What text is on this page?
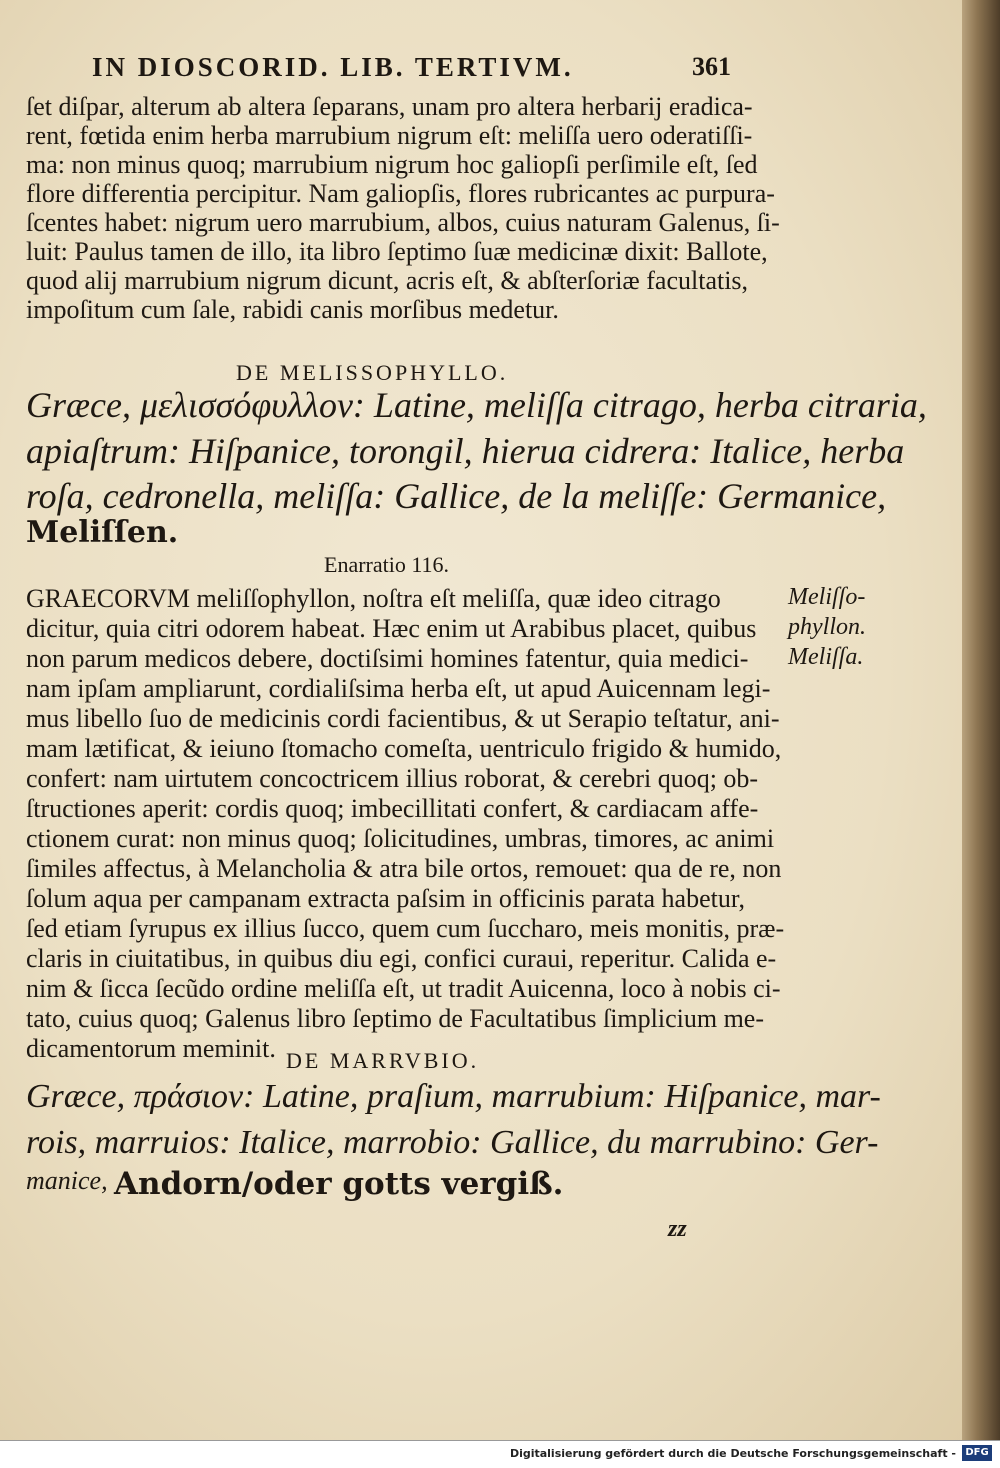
IN DIOSCORID. LIB. TERTIVM.	361
ſet diſpar, alterum ab altera ſeparans, unam pro altera herbarij eradica-
rent, fœtida enim herba marrubium nigrum eſt: meliſſa uero oderatiſſi-
ma: non minus quoq; marrubium nigrum hoc galiopſi perſimile eſt, ſed
flore differentia percipitur. Nam galiopſis, flores rubricantes ac purpura-
ſcentes habet: nigrum uero marrubium, albos, cuius naturam Galenus, ſi-
luit: Paulus tamen de illo, ita libro ſeptimo ſuæ medicinæ dixit: Ballote,
quod alij marrubium nigrum dicunt, acris eſt, & abſterſoriæ facultatis,
impoſitum cum ſale, rabidi canis morſibus medetur.
DE MELISSOPHYLLO.
Græce, μελισσόφυλλον: Latine, meliſſa citrago, herba citraria,
apiaſtrum: Hiſpanice, torongil, hierua cidrera: Italice, herba
roſa, cedronella, meliſſa: Gallice, de la meliſſe: Germanice,
Meliſſen.
Enarratio 116.
GRAECORVM meliſſophyllon, noſtra eſt meliſſa, quæ ideo citrago
dicitur, quia citri odorem habeat. Hæc enim ut Arabibus placet, quibus
non parum medicos debere, doctiſsimi homines fatentur, quia medici-
nam ipſam ampliarunt, cordialiſsima herba eſt, ut apud Auicennam legi-
mus libello ſuo de medicinis cordi facientibus, & ut Serapio teſtatur, ani-
mam lætificat, & ieiuno ſtomacho comeſta, uentriculo frigido & humido,
confert: nam uirtutem concoctricem illius roborat, & cerebri quoq; ob-
ſtructiones aperit: cordis quoq; imbecillitati confert, & cardiacam affe-
ctionem curat: non minus quoq; ſolicitudines, umbras, timores, ac animi
ſimiles affectus, à Melancholia & atra bile ortos, remouet: qua de re, non
ſolum aqua per campanam extracta paſsim in officinis parata habetur,
ſed etiam ſyrupus ex illius ſucco, quem cum ſucchаro, meis monitis, præ-
claris in ciuitatibus, in quibus diu egi, confici curaui, reperitur. Calida e-
nim & ſicca ſecũdo ordine meliſſa eſt, ut tradit Auicenna, loco à nobis ci-
tato, cuius quoq; Galenus libro ſeptimo de Facultatibus ſimplicium me-
dicamentorum meminit.
Meliſſo-
phyllon.
Meliſſa.
DE MARRVBIO.
Græce, πράσιον: Latine, praſium, marrubium: Hiſpanice, mar-
rois, marruios: Italice, marrobio: Gallice, du marrubino: Ger-
manice, Andorn/oder gotts vergiß.
zz
Digitalisierung gefördert durch die Deutsche Forschungsgemeinschaft - DFG
